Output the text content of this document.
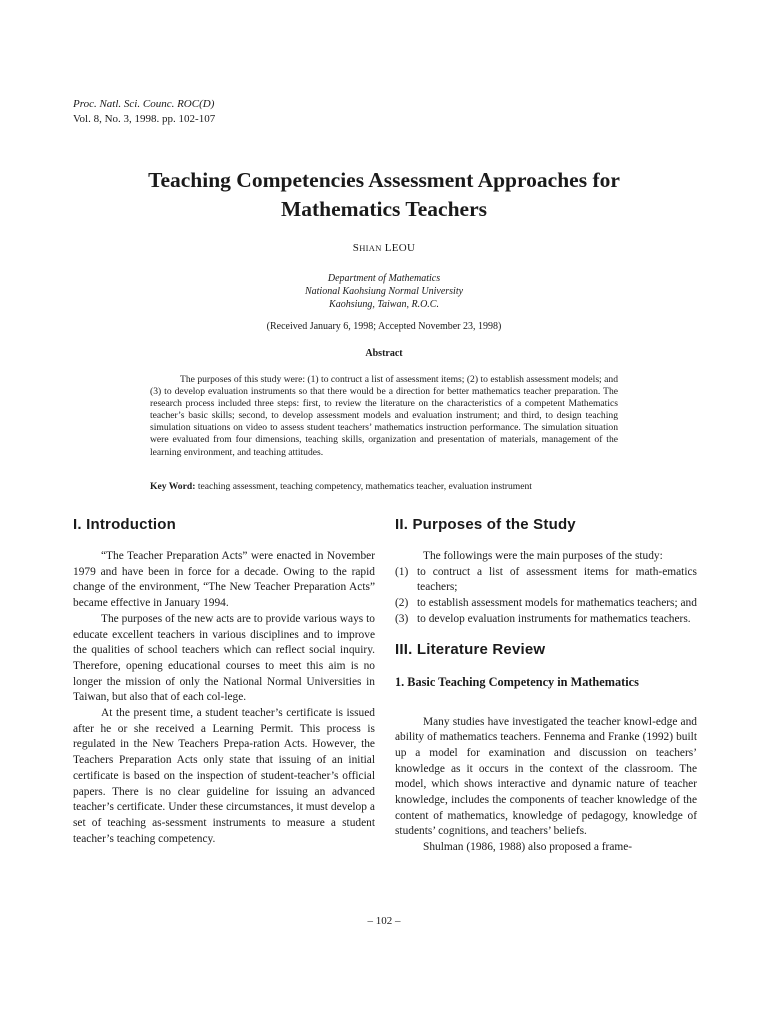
Proc. Natl. Sci. Counc. ROC(D)
Vol. 8, No. 3, 1998. pp. 102-107
Teaching Competencies Assessment Approaches for
Mathematics Teachers
SHIAN LEOU
Department of Mathematics
National Kaohsiung Normal University
Kaohsiung, Taiwan, R.O.C.
(Received January 6, 1998; Accepted November 23, 1998)
Abstract
The purposes of this study were: (1) to contruct a list of assessment items; (2) to establish assessment models; and (3) to develop evaluation instruments so that there would be a direction for better mathematics teacher preparation. The research process included three steps: first, to review the literature on the characteristics of a competent Mathematics teacher’s basic skills; second, to develop assessment models and evaluation instrument; and third, to design teaching simulation situations on video to assess student teachers’ mathematics instruction performance. The simulation situation were evaluated from four dimensions, teaching skills, organization and presentation of materials, management of the learning environment, and teaching attitudes.
Key Word: teaching assessment, teaching competency, mathematics teacher, evaluation instrument
I. Introduction

“The Teacher Preparation Acts” were enacted in November 1979 and have been in force for a decade. Owing to the rapid change of the environment, “The New Teacher Preparation Acts” became effective in January 1994.

The purposes of the new acts are to provide various ways to educate excellent teachers in various disciplines and to improve the qualities of school teachers which can reflect social inquiry. Therefore, opening educational courses to meet this aim is no longer the mission of only the National Normal Universities in Taiwan, but also that of each col-lege.

At the present time, a student teacher’s certificate is issued after he or she received a Learning Permit. This process is regulated in the New Teachers Prepa-ration Acts. However, the Teachers Preparation Acts only state that issuing of an initial certificate is based on the inspection of student-teacher’s official papers. There is no clear guideline for issuing an advanced teacher’s certificate. Under these circumstances, it must develop a set of teaching as-sessment instruments to measure a student teacher’s teaching competency.

II. Purposes of the Study

The followings were the main purposes of the study:

(1) to contruct a list of assessment items for math-ematics teachers;
(2) to establish assessment models for mathematics teachers; and
(3) to develop evaluation instruments for mathematics teachers.
III. Literature Review
1. Basic Teaching Competency in Mathematics

Many studies have investigated the teacher knowl-edge and ability of mathematics teachers. Fennema and Franke (1992) built up a model for examination and discussion on teachers’ knowledge as it occurs in the context of the classroom. The model, which shows interactive and dynamic nature of teacher knowledge, includes the components of teacher knowledge of the content of mathematics, knowledge of pedagogy, knowledge of students’ cognitions, and teachers’ beliefs.

Shulman (1986, 1988) also proposed a frame-

– 102 –
